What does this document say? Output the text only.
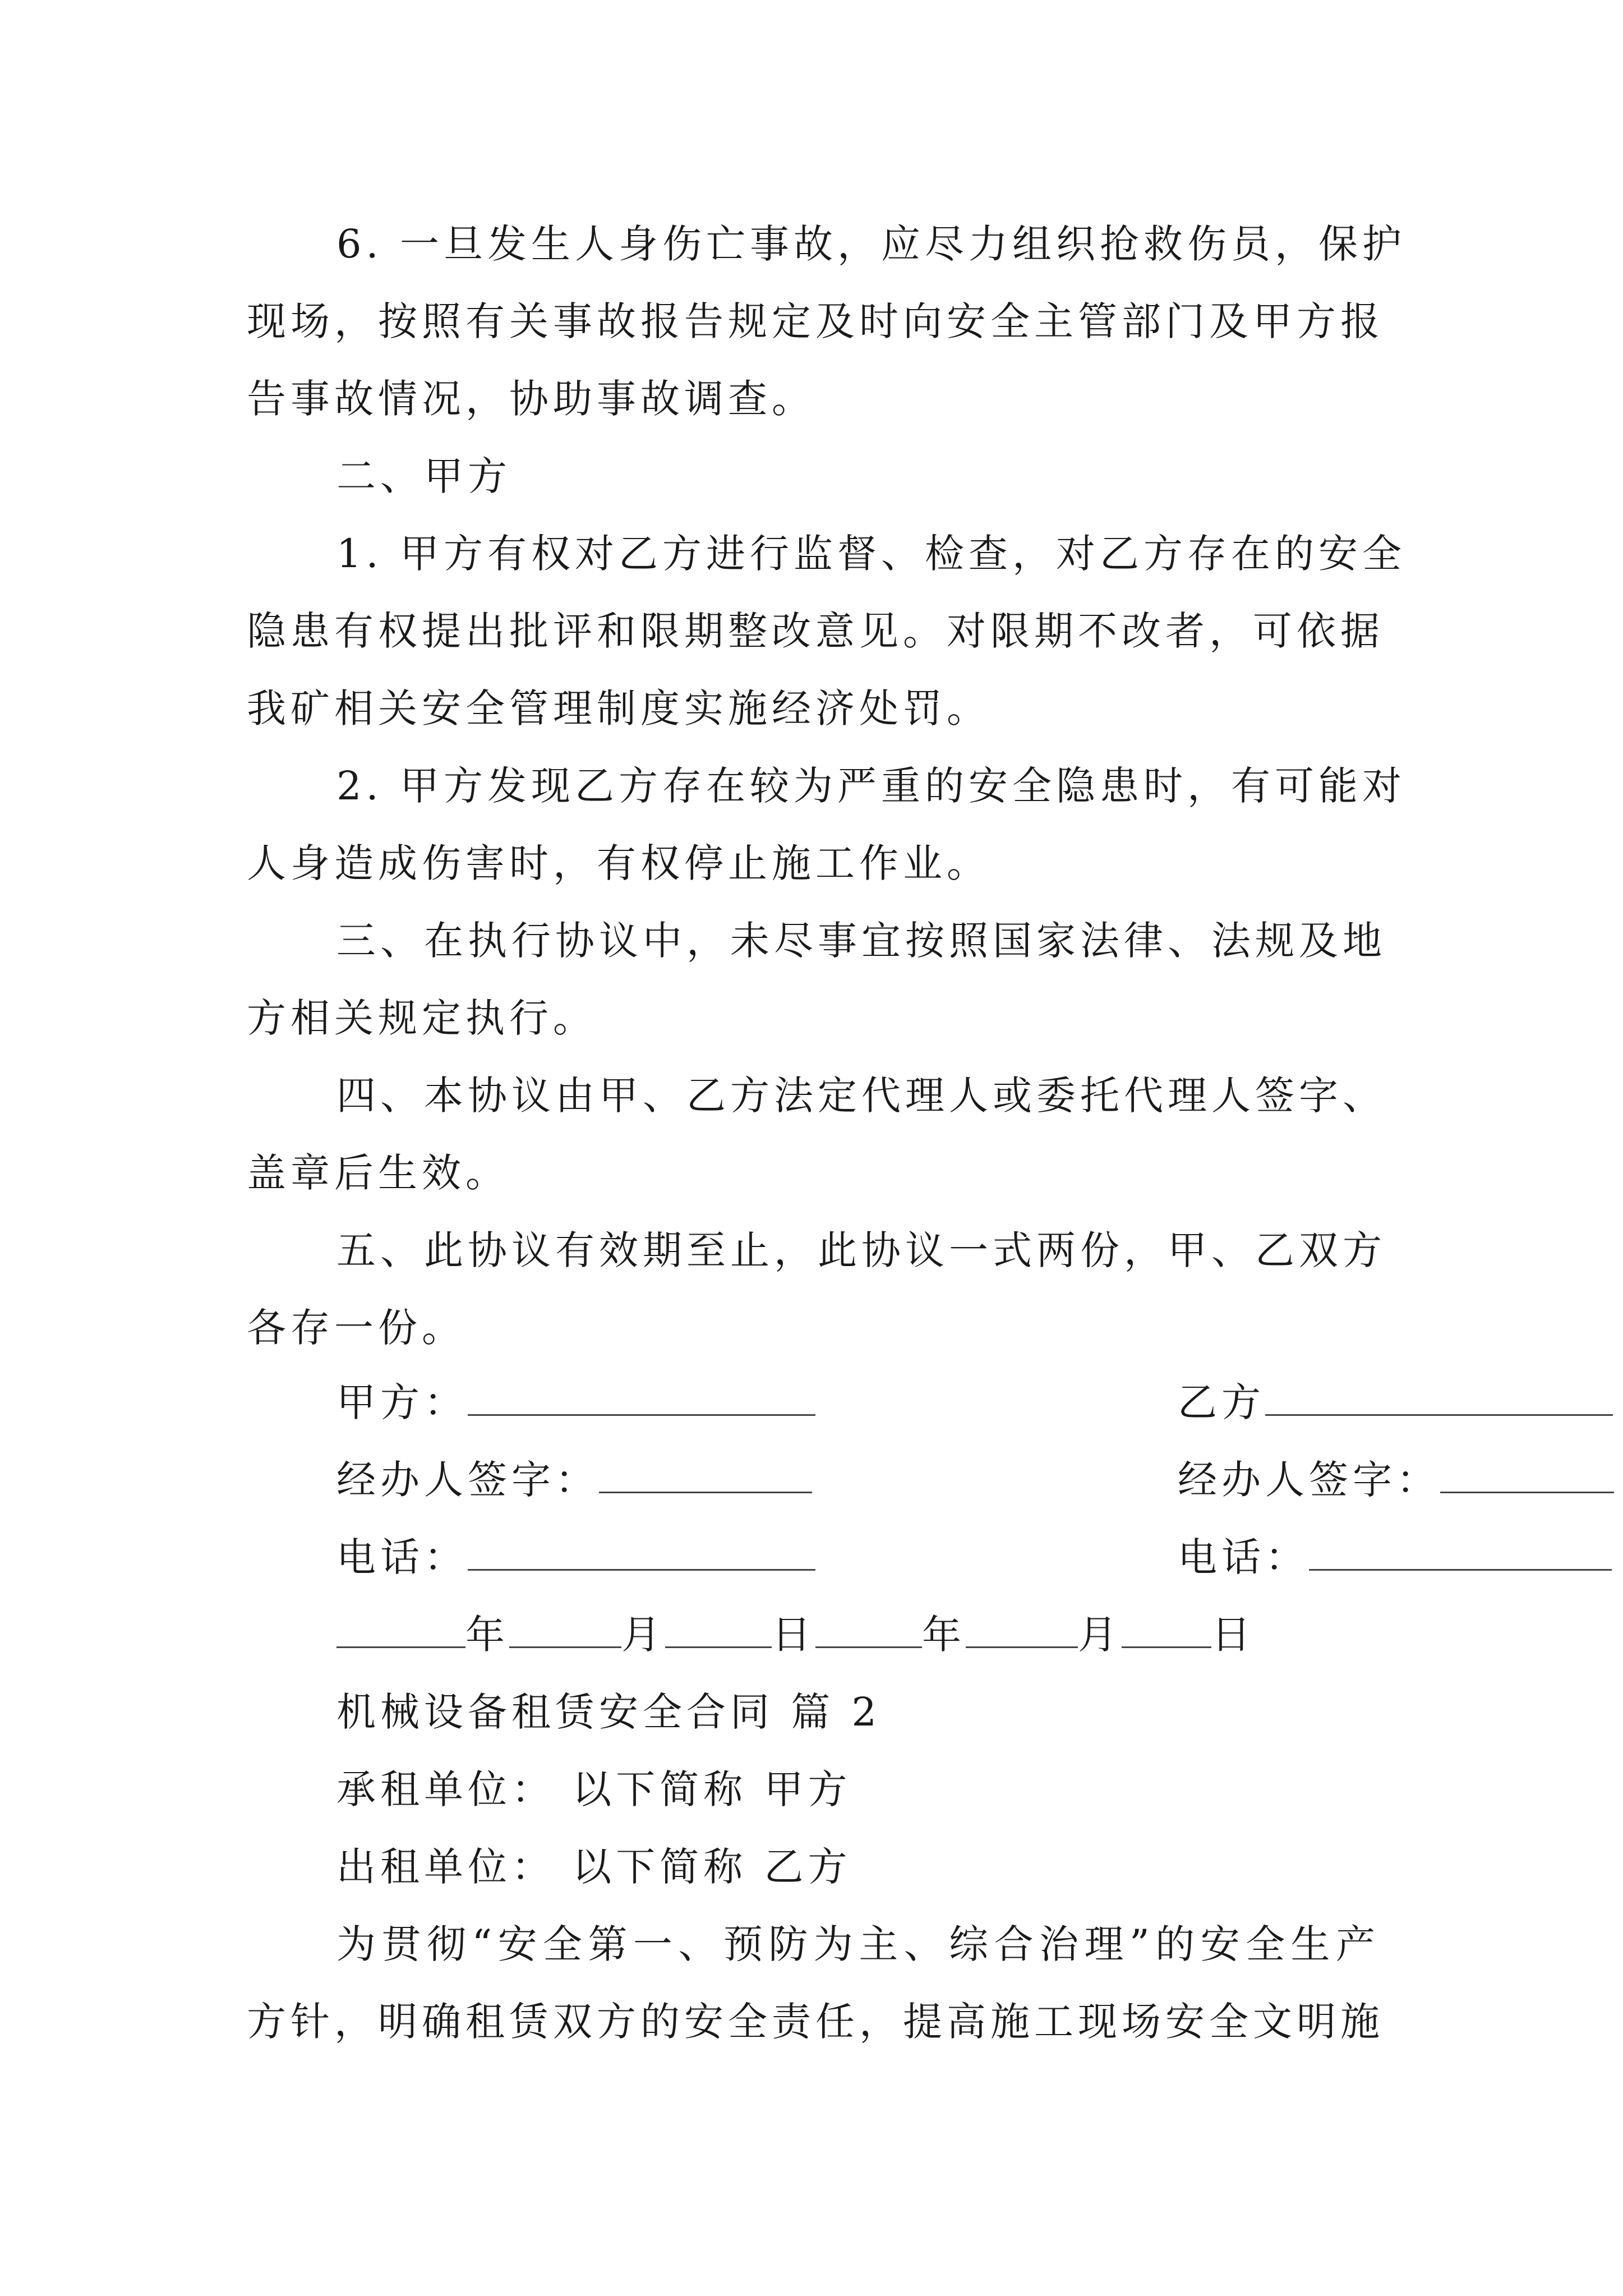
6. 一旦发生人身伤亡事故，应尽力组织抢救伤员，保护
现场，按照有关事故报告规定及时向安全主管部门及甲方报
告事故情况，协助事故调查。
二、甲方
1. 甲方有权对乙方进行监督、检查，对乙方存在的安全
隐患有权提出批评和限期整改意见。对限期不改者，可依据
我矿相关安全管理制度实施经济处罚。
2. 甲方发现乙方存在较为严重的安全隐患时，有可能对
人身造成伤害时，有权停止施工作业。
三、在执行协议中，未尽事宜按照国家法律、法规及地
方相关规定执行。
四、本协议由甲、乙方法定代理人或委托代理人签字、
盖章后生效。
五、此协议有效期至止，此协议一式两份，甲、乙双方
各存一份。
甲方：	乙方
经办人签字：	经办人签字：
电话：	电话：
年	月	日	年	月 日
机械设备租赁安全合同 篇 2
承租单位： 以下简称 甲方
出租单位： 以下简称 乙方
为贯彻“安全第一、预防为主、综合治理”的安全生产
方针，明确租赁双方的安全责任，提高施工现场安全文明施
